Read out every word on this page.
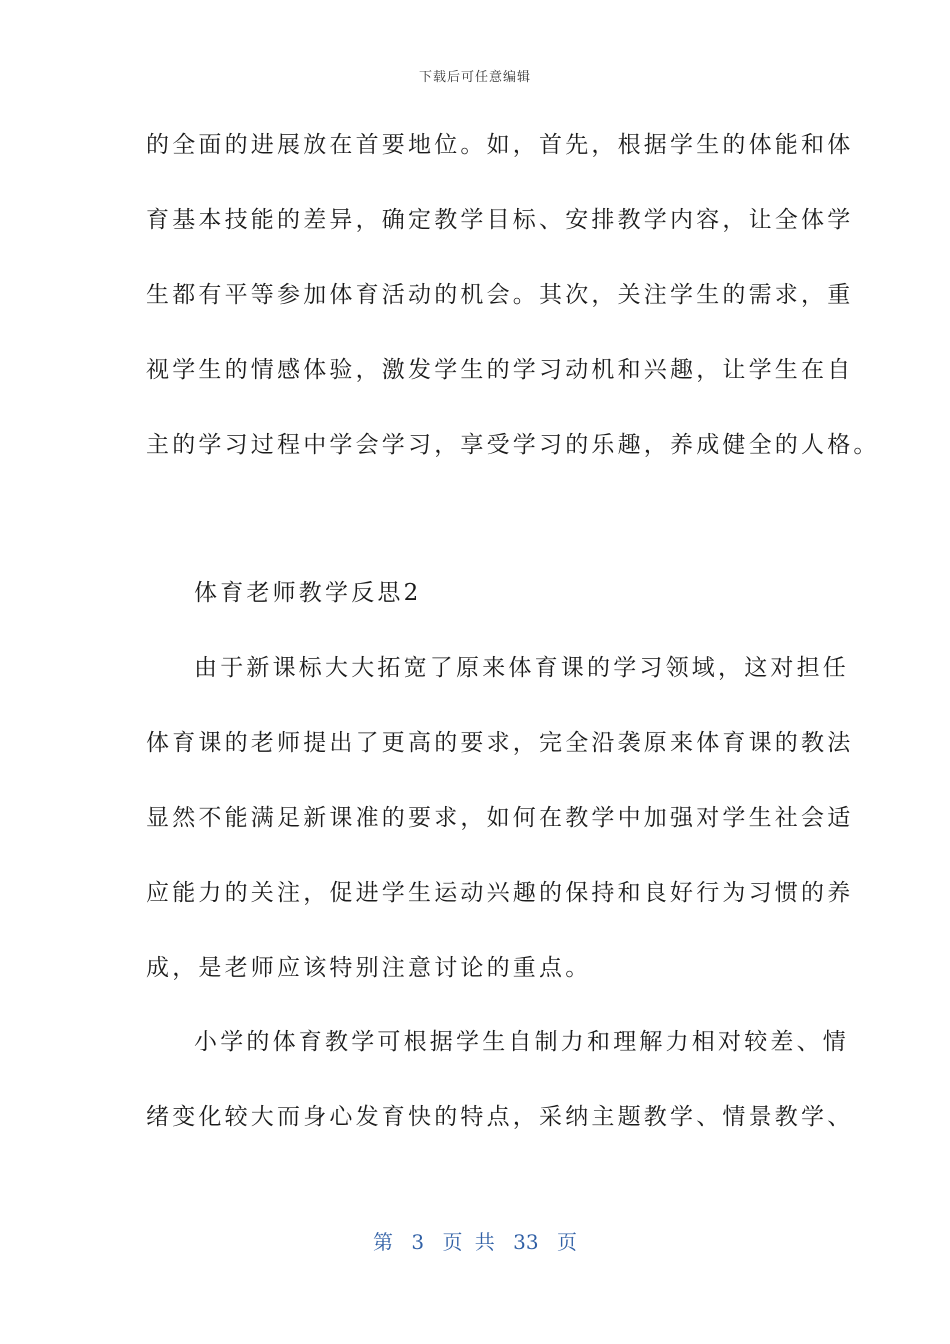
下载后可任意编辑
的全面的进展放在首要地位。如，首先，根据学生的体能和体
育基本技能的差异，确定教学目标、安排教学内容，让全体学
生都有平等参加体育活动的机会。其次，关注学生的需求，重
视学生的情感体验，激发学生的学习动机和兴趣，让学生在自
主的学习过程中学会学习，享受学习的乐趣，养成健全的人格。
体育老师教学反思2
由于新课标大大拓宽了原来体育课的学习领域，这对担任
体育课的老师提出了更高的要求，完全沿袭原来体育课的教法
显然不能满足新课准的要求，如何在教学中加强对学生社会适
应能力的关注，促进学生运动兴趣的保持和良好行为习惯的养
成，是老师应该特别注意讨论的重点。
小学的体育教学可根据学生自制力和理解力相对较差、情
绪变化较大而身心发育快的特点，采纳主题教学、情景教学、
第 3 页 共 33 页
